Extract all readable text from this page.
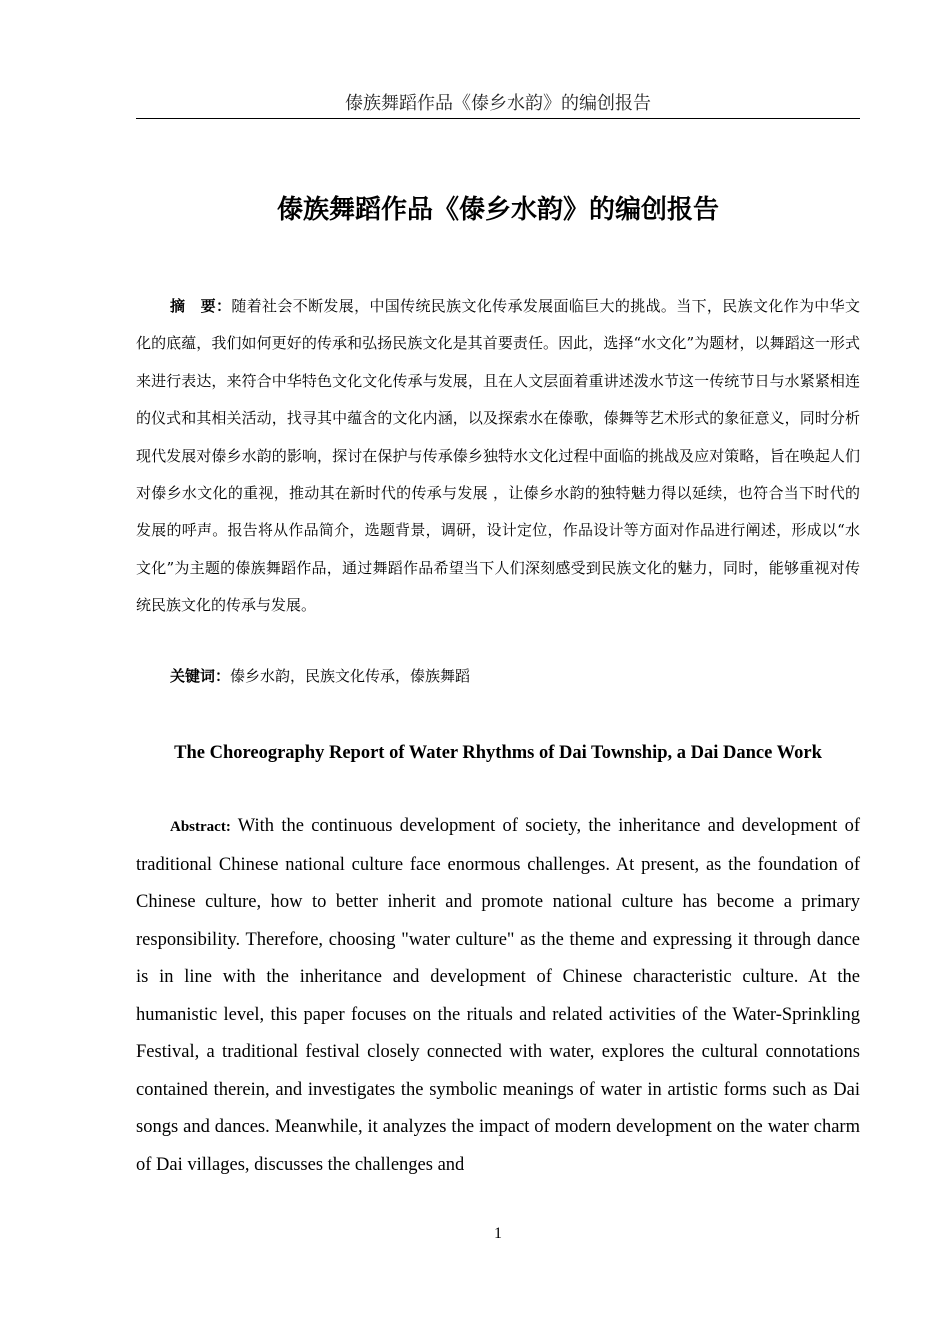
傣族舞蹈作品《傣乡水韵》的编创报告
傣族舞蹈作品《傣乡水韵》的编创报告

摘　要：随着社会不断发展，中国传统民族文化传承发展面临巨大的挑战。当下，民族文化作为中华文化的底蕴，我们如何更好的传承和弘扬民族文化是其首要责任。因此，选择“水文化”为题材，以舞蹈这一形式来进行表达，来符合中华特色文化文化传承与发展，且在人文层面着重讲述泼水节这一传统节日与水紧紧相连的仪式和其相关活动，找寻其中蕴含的文化内涵，以及探索水在傣歌，傣舞等艺术形式的象征意义，同时分析现代发展对傣乡水韵的影响，探讨在保护与传承傣乡独特水文化过程中面临的挑战及应对策略，旨在唤起人们对傣乡水文化的重视，推动其在新时代的传承与发展 ，让傣乡水韵的独特魅力得以延续，也符合当下时代的发展的呼声。报告将从作品简介，选题背景，调研，设计定位，作品设计等方面对作品进行阐述，形成以“水文化”为主题的傣族舞蹈作品，通过舞蹈作品希望当下人们深刻感受到民族文化的魅力，同时，能够重视对传统民族文化的传承与发展。

关键词：傣乡水韵，民族文化传承，傣族舞蹈

The Choreography Report of Water Rhythms of Dai Township, a Dai Dance Work

Abstract: With the continuous development of society, the inheritance and development of traditional Chinese national culture face enormous challenges. At present, as the foundation of Chinese culture, how to better inherit and promote national culture has become a primary responsibility. Therefore, choosing "water culture" as the theme and expressing it through dance is in line with the inheritance and development of Chinese characteristic culture. At the humanistic level, this paper focuses on the rituals and related activities of the Water-Sprinkling Festival, a traditional festival closely connected with water, explores the cultural connotations contained therein, and investigates the symbolic meanings of water in artistic forms such as Dai songs and dances. Meanwhile, it analyzes the impact of modern development on the water charm of Dai villages, discusses the challenges and

1
